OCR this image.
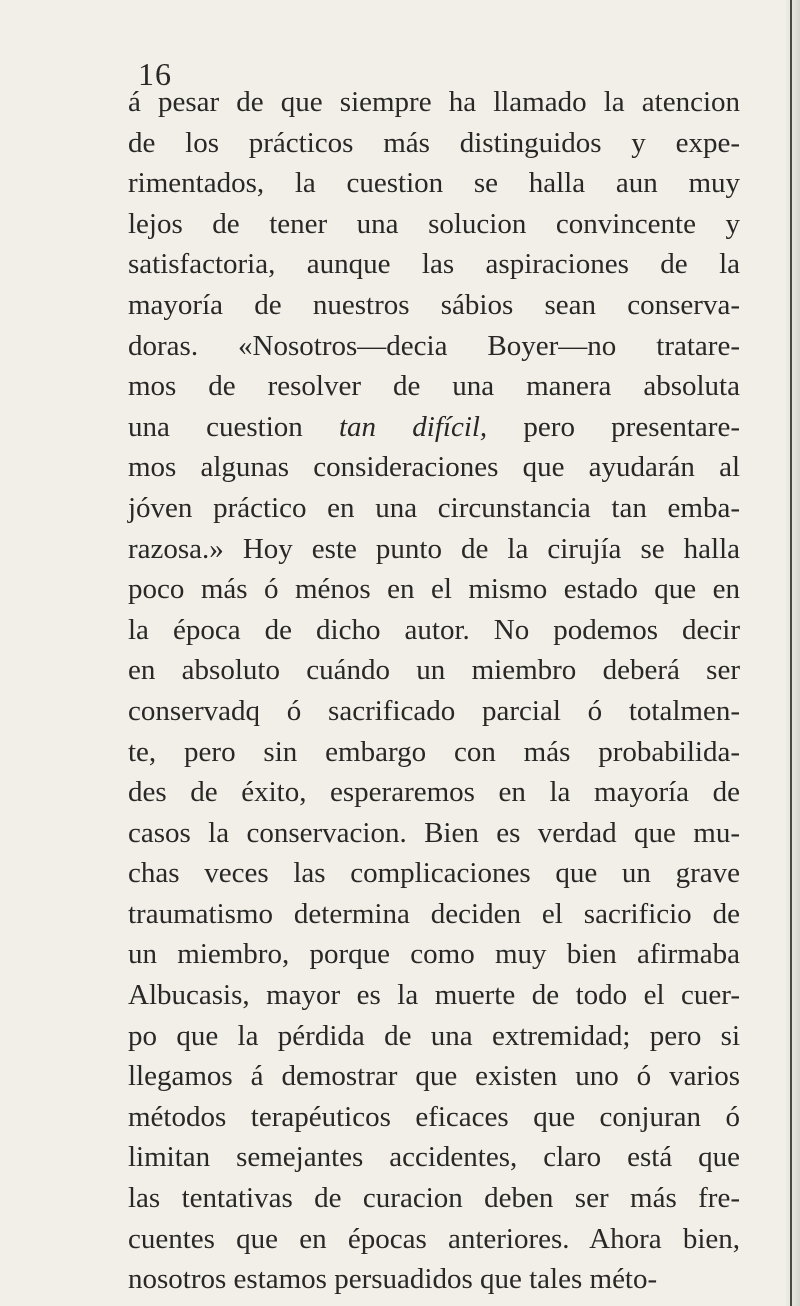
16
á pesar de que siempre ha llamado la atencion
de los prácticos más distinguidos y expe-
rimentados, la cuestion se halla aun muy
lejos de tener una solucion convincente y
satisfactoria, aunque las aspiraciones de la
mayoría de nuestros sábios sean conserva-
doras. «Nosotros—decia Boyer—no tratare-
mos de resolver de una manera absoluta
una cuestion tan difícil, pero presentare-
mos algunas consideraciones que ayudarán al
jóven práctico en una circunstancia tan emba-
razosa.» Hoy este punto de la cirujía se halla
poco más ó ménos en el mismo estado que en
la época de dicho autor. No podemos decir
en absoluto cuándo un miembro deberá ser
conservadq ó sacrificado parcial ó totalmen-
te, pero sin embargo con más probabilida-
des de éxito, esperaremos en la mayoría de
casos la conservacion. Bien es verdad que mu-
chas veces las complicaciones que un grave
traumatismo determina deciden el sacrificio de
un miembro, porque como muy bien afirmaba
Albucasis, mayor es la muerte de todo el cuer-
po que la pérdida de una extremidad; pero si
llegamos á demostrar que existen uno ó varios
métodos terapéuticos eficaces que conjuran ó
limitan semejantes accidentes, claro está que
las tentativas de curacion deben ser más fre-
cuentes que en épocas anteriores. Ahora bien,
nosotros estamos persuadidos que tales méto-
